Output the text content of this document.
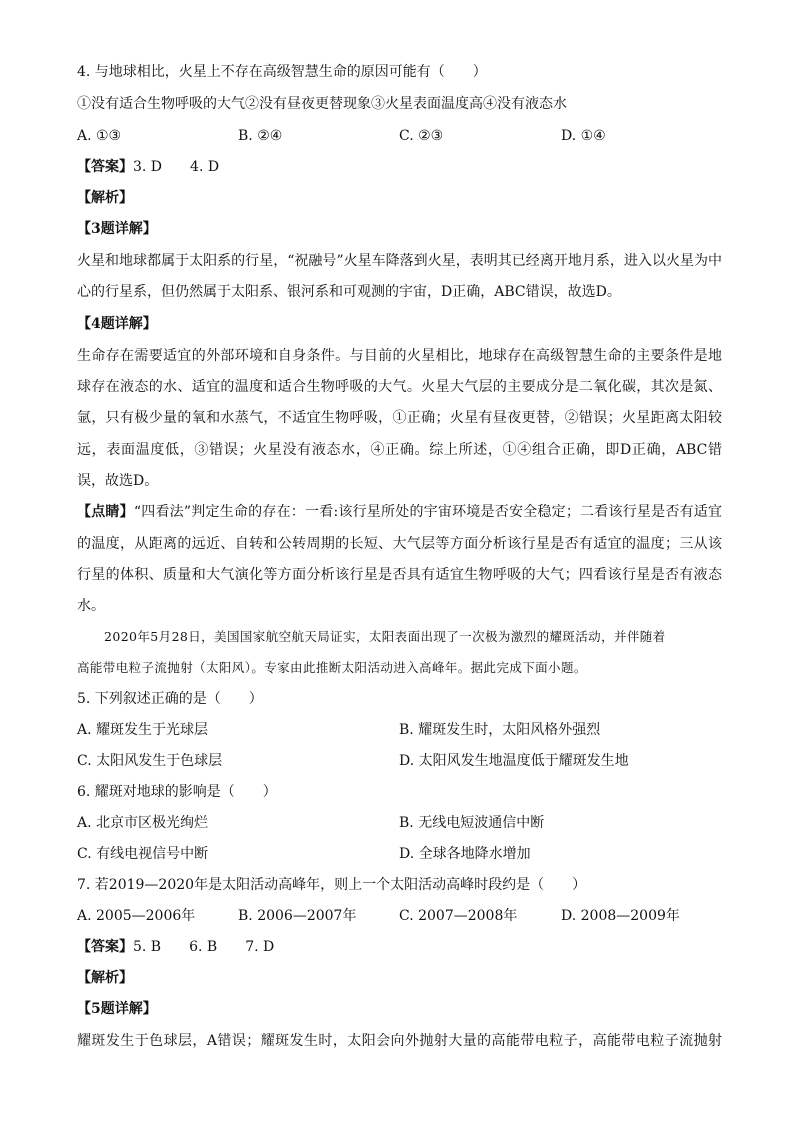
4. 与地球相比，火星上不存在高级智慧生命的原因可能有（　　）
①没有适合生物呼吸的大气②没有昼夜更替现象③火星表面温度高④没有液态水
A. ①③	B. ②④	C. ②③	D. ①④
【答案】3. D　　4. D
【解析】
【3题详解】
火星和地球都属于太阳系的行星，“祝融号”火星车降落到火星，表明其已经离开地月系，进入以火星为中
心的行星系，但仍然属于太阳系、银河系和可观测的宇宙，D正确，ABC错误，故选D。
【4题详解】
生命存在需要适宜的外部环境和自身条件。与目前的火星相比，地球存在高级智慧生命的主要条件是地
球存在液态的水、适宜的温度和适合生物呼吸的大气。火星大气层的主要成分是二氧化碳，其次是氮、
氩，只有极少量的氧和水蒸气，不适宜生物呼吸，①正确；火星有昼夜更替，②错误；火星距离太阳较
远，表面温度低，③错误；火星没有液态水，④正确。综上所述，①④组合正确，即D正确，ABC错
误，故选D。
【点睛】“四看法”判定生命的存在：一看:该行星所处的宇宙环境是否安全稳定；二看该行星是否有适宜
的温度，从距离的远近、自转和公转周期的长短、大气层等方面分析该行星是否有适宜的温度；三从该
行星的体积、质量和大气演化等方面分析该行星是否具有适宜生物呼吸的大气；四看该行星是否有液态
水。
2020年5月28日，美国国家航空航天局证实，太阳表面出现了一次极为激烈的耀斑活动，并伴随着
高能带电粒子流抛射（太阳风）。专家由此推断太阳活动进入高峰年。据此完成下面小题。
5. 下列叙述正确的是（　　）
A. 耀斑发生于光球层	B. 耀斑发生时，太阳风格外强烈
C. 太阳风发生于色球层	D. 太阳风发生地温度低于耀斑发生地
6. 耀斑对地球的影响是（　　）
A. 北京市区极光绚烂	B. 无线电短波通信中断
C. 有线电视信号中断	D. 全球各地降水增加
7. 若2019—2020年是太阳活动高峰年，则上一个太阳活动高峰时段约是（　　）
A. 2005—2006年	B. 2006—2007年	C. 2007—2008年	D. 2008—2009年
【答案】5. B　　6. B　　7. D
【解析】
【5题详解】
耀斑发生于色球层，A错误；耀斑发生时，太阳会向外抛射大量的高能带电粒子，高能带电粒子流抛射
